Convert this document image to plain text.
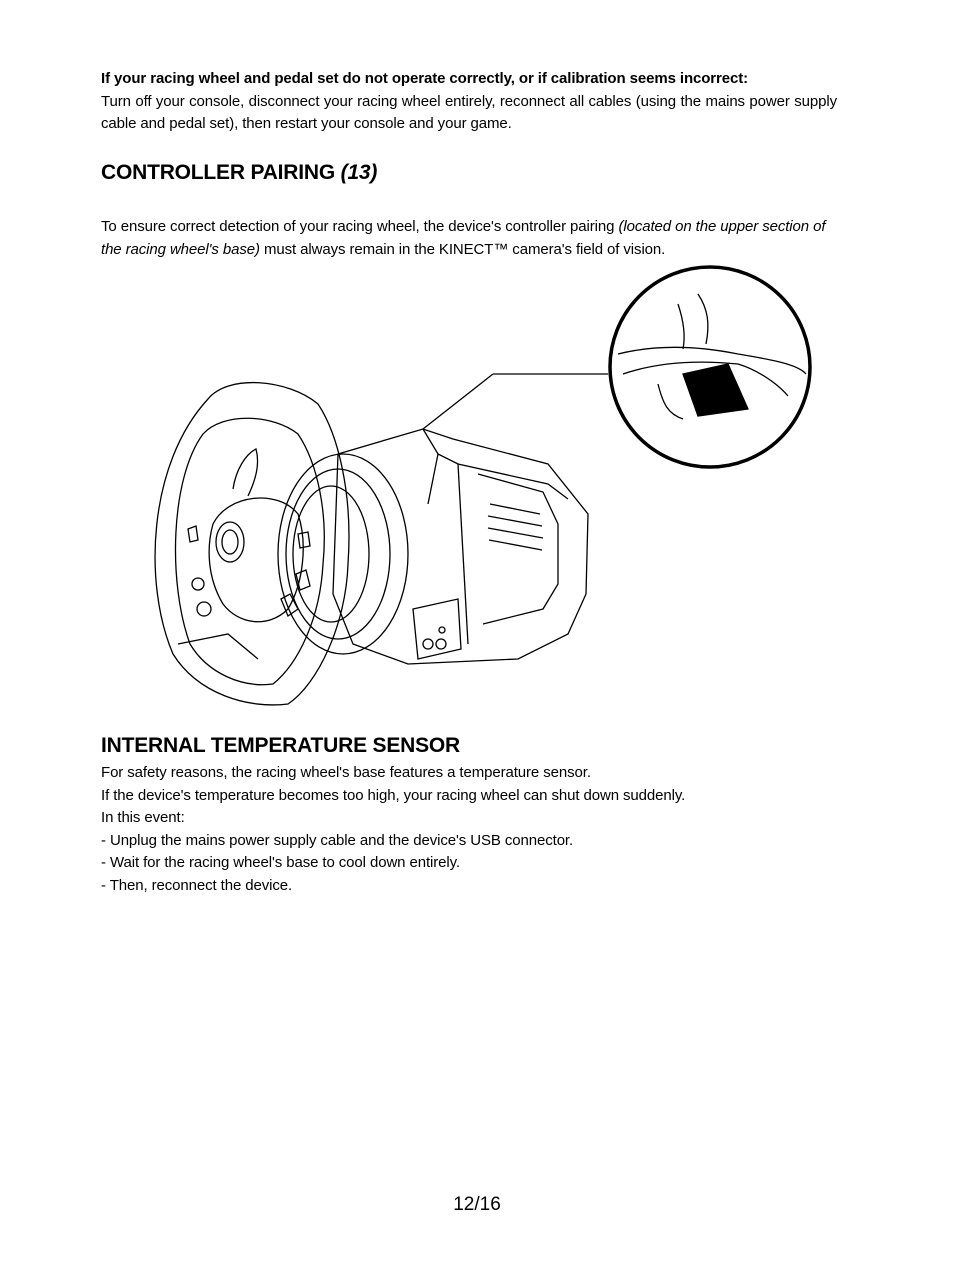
If your racing wheel and pedal set do not operate correctly, or if calibration seems incorrect:

Turn off your console, disconnect your racing wheel entirely, reconnect all cables (using the mains power supply cable and pedal set), then restart your console and your game.

CONTROLLER PAIRING (13)

To ensure correct detection of your racing wheel, the device's controller pairing (located on the upper section of the racing wheel's base) must always remain in the KINECT™ camera's field of vision.

INTERNAL TEMPERATURE SENSOR

For safety reasons, the racing wheel's base features a temperature sensor.

If the device's temperature becomes too high, your racing wheel can shut down suddenly.

In this event:

- Unplug the mains power supply cable and the device's USB connector.

- Wait for the racing wheel's base to cool down entirely.

- Then, reconnect the device.

12/16
